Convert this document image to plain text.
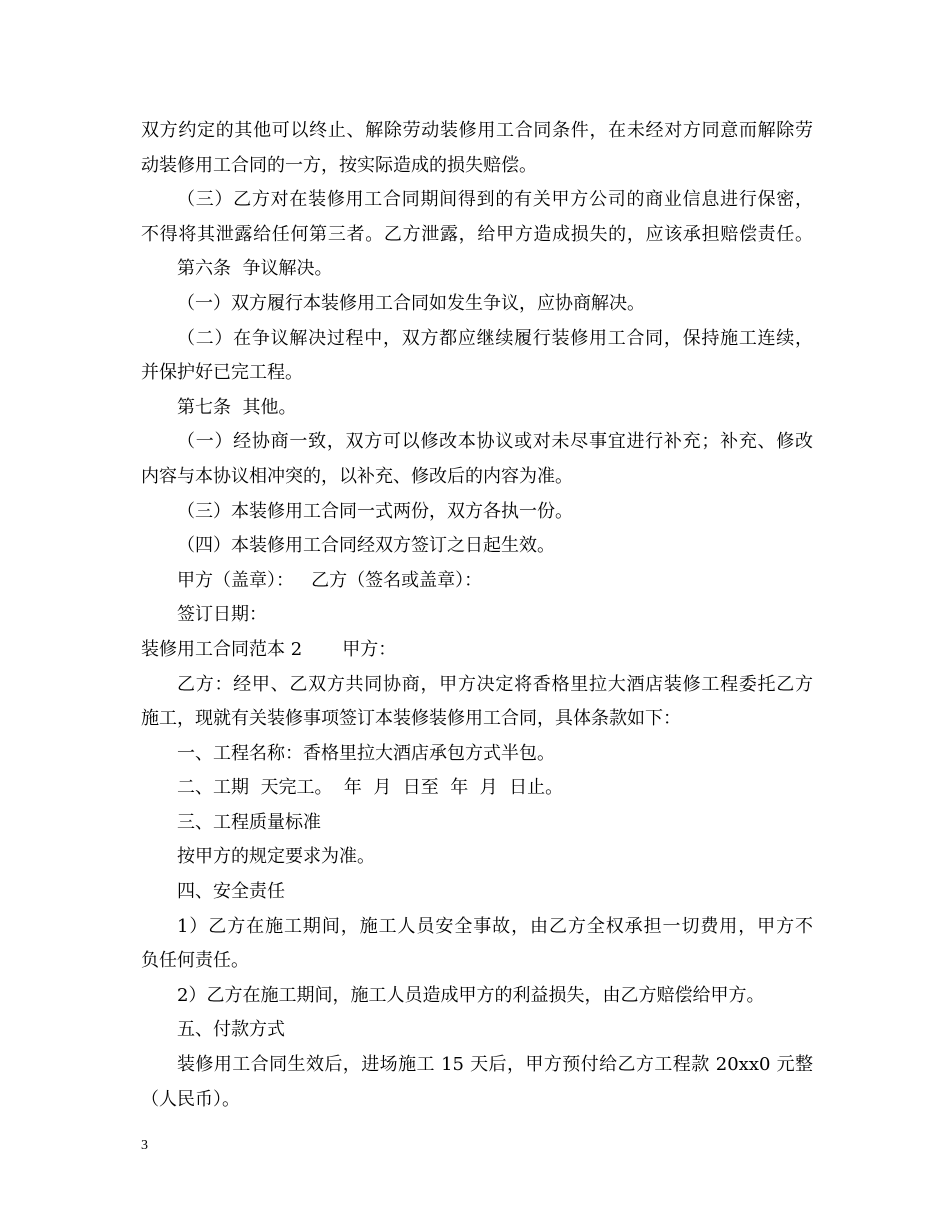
双方约定的其他可以终止、解除劳动装修用工合同条件，在未经对方同意而解除劳
动装修用工合同的一方，按实际造成的损失赔偿。
（三）乙方对在装修用工合同期间得到的有关甲方公司的商业信息进行保密，
不得将其泄露给任何第三者。乙方泄露，给甲方造成损失的，应该承担赔偿责任。
第六条  争议解决。
（一）双方履行本装修用工合同如发生争议，应协商解决。
（二）在争议解决过程中，双方都应继续履行装修用工合同，保持施工连续，
并保护好已完工程。
第七条  其他。
（一）经协商一致，双方可以修改本协议或对未尽事宜进行补充；补充、修改
内容与本协议相冲突的，以补充、修改后的内容为准。
（三）本装修用工合同一式两份，双方各执一份。
（四）本装修用工合同经双方签订之日起生效。
甲方（盖章）：   乙方（签名或盖章）：
签订日期：
装修用工合同范本 2       甲方：
乙方：经甲、乙双方共同协商，甲方决定将香格里拉大酒店装修工程委托乙方
施工，现就有关装修事项签订本装修装修用工合同，具体条款如下：
一、工程名称：香格里拉大酒店承包方式半包。
二、工期  天完工。  年  月  日至  年  月  日止。
三、工程质量标准
按甲方的规定要求为准。
四、安全责任
1）乙方在施工期间，施工人员安全事故，由乙方全权承担一切费用，甲方不
负任何责任。
2）乙方在施工期间，施工人员造成甲方的利益损失，由乙方赔偿给甲方。
五、付款方式
装修用工合同生效后，进场施工 15 天后，甲方预付给乙方工程款 20xx0 元整
（人民币）。
3
